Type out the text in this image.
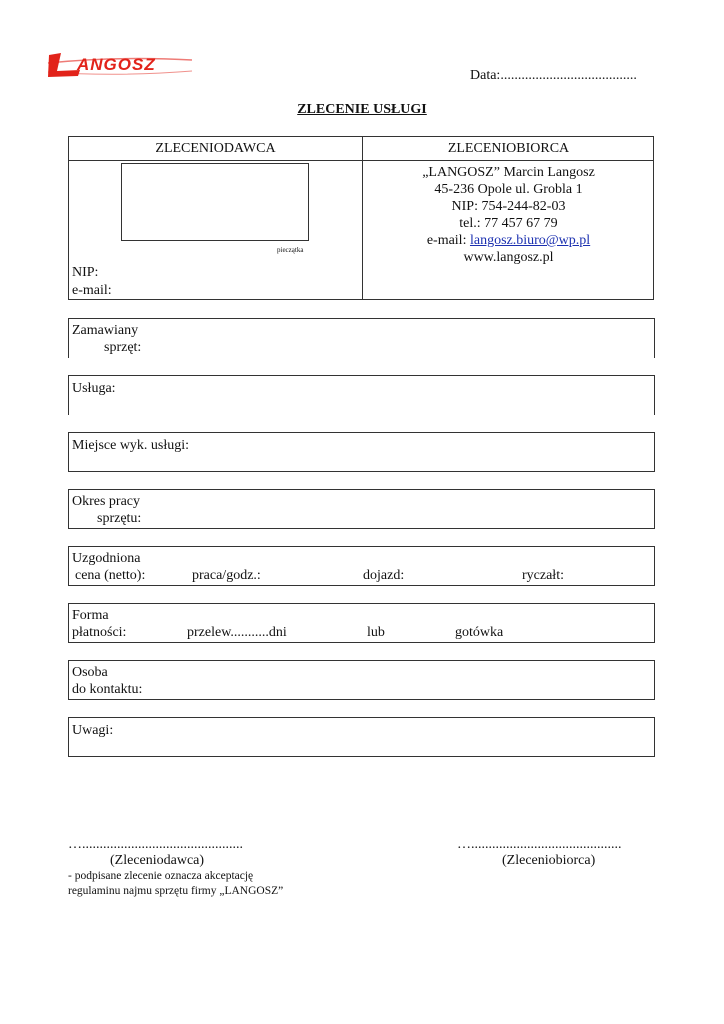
ANGOSZ
Data:.......................................
ZLECENIE USŁUGI
ZLECENIODAWCA	ZLECENIOBIORCA
pieczątka
NIP:
e-mail:
„LANGOSZ” Marcin Langosz
45-236 Opole ul. Grobla 1
NIP: 754-244-82-03
tel.: 77 457 67 79
e-mail: langosz.biuro@wp.pl
www.langosz.pl
Zamawiany
sprzęt:
Usługa:
Miejsce wyk. usługi:
Okres pracy
sprzętu:
Uzgodniona
cena (netto):	praca/godz.:	dojazd:	ryczałt:
Forma
płatności:	przelew...........dni	lub	gotówka
Osoba
do kontaktu:
Uwagi:
…..............................................
(Zleceniodawca)
…...........................................
(Zleceniobiorca)
- podpisane zlecenie oznacza akceptację
regulaminu najmu sprzętu firmy „LANGOSZ”
